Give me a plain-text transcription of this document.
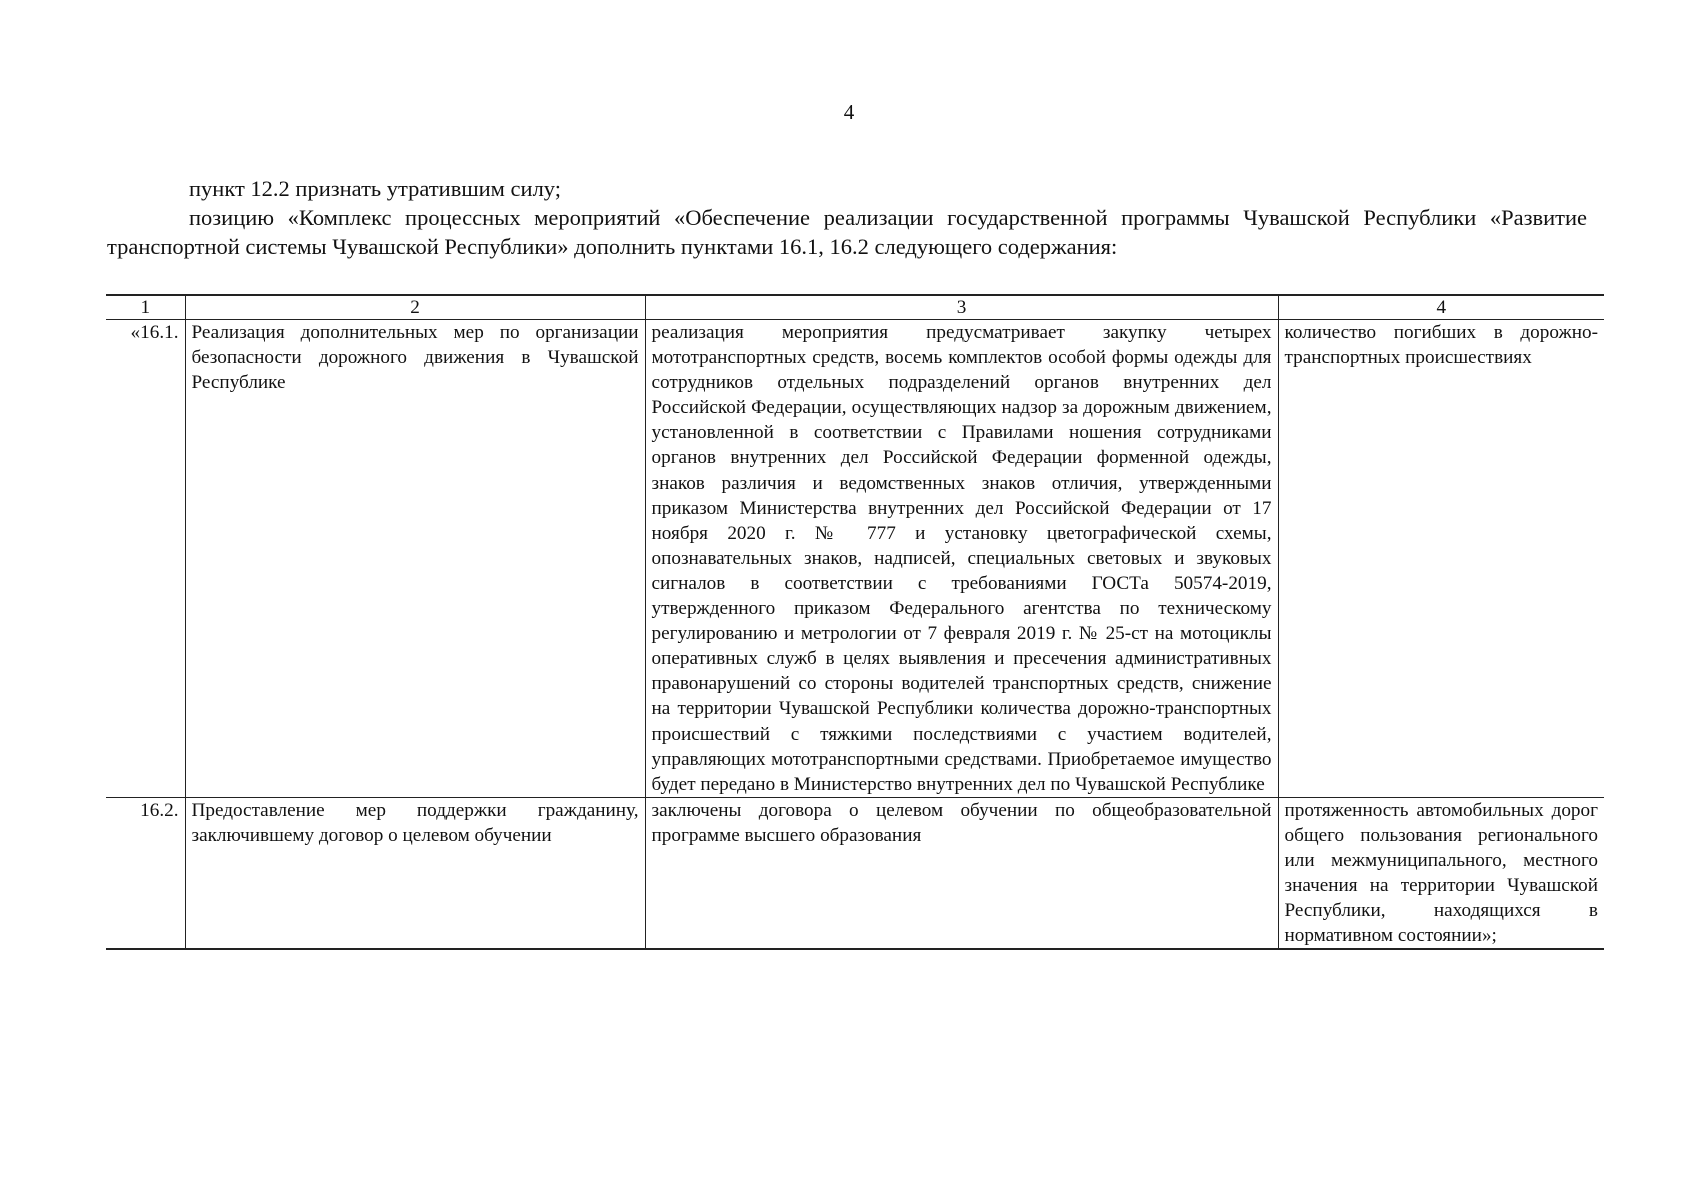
4

пункт 12.2 признать утратившим силу;

позицию «Комплекс процессных мероприятий «Обеспечение реализации государственной программы Чувашской Республики «Развитие транспортной системы Чувашской Республики» дополнить пунктами 16.1, 16.2 следующего содержания:

1	2	3	4
«16.1.	Реализация дополнительных мер по организации безопасности дорожного движения в Чувашской Республике	реализация мероприятия предусматривает закупку четырех мототранспортных средств, восемь комплектов особой формы одежды для сотрудников отдельных подразделений органов внутренних дел Российской Федерации, осуществляющих надзор за дорожным движением, установленной в соответствии с Правилами ношения сотрудниками органов внутренних дел Российской Федерации форменной одежды, знаков различия и ведомственных знаков отличия, утвержденными приказом Министерства внутренних дел Российской Федерации от 17 ноября 2020 г. № 777 и установку цветографической схемы, опознавательных знаков, надписей, специальных световых и звуковых сигналов в соответствии с требованиями ГОСТа 50574-2019, утвержденного приказом Федерального агентства по техническому регулированию и метрологии от 7 февраля 2019 г. № 25-ст на мотоциклы оперативных служб в целях выявления и пресечения административных правонарушений со стороны водителей транспортных средств, снижение на территории Чувашской Республики количества дорожно-транспортных происшествий с тяжкими последствиями с участием водителей, управляющих мототранспортными средствами. Приобретаемое имущество будет передано в Министерство внутренних дел по Чувашской Республике	количество погибших в дорожно-транспортных происшествиях
16.2.	Предоставление мер поддержки гражданину, заключившему договор о целевом обучении	заключены договора о целевом обучении по общеобразовательной программе высшего образования	протяженность автомобильных дорог общего пользования регионального или межмуниципального, местного значения на территории Чувашской Республики, находящихся в нормативном состоянии»;
